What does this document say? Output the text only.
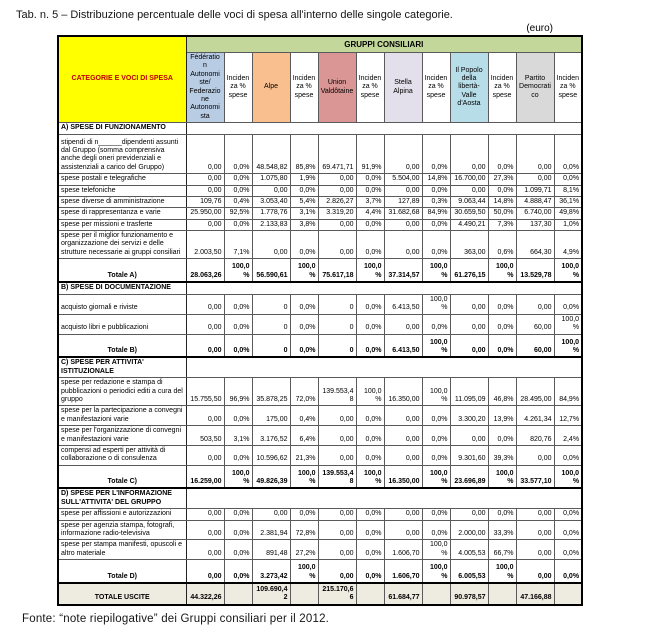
Tab. n. 5 – Distribuzione percentuale delle voci di spesa all'interno delle singole categorie.
(euro)
CATEGORIE E VOCI DI SPESA	GRUPPI CONSILIARI											
	Fédération Autonomiste/ Federazione Autonomista	Incidenza % spese	Alpe	Incidenza % spese	Union Valdôtaine	Incidenza % spese	Stella Alpina	Incidenza % spese	Il Popolo della libertà- Valle d'Aosta	Incidenza % spese	Partito Democratico	Incidenza % spese
A) SPESE DI FUNZIONAMENTO												
stipendi di n______dipendenti assunti dal Gruppo (somma comprensiva anche degli oneri previdenziali e assistenziali a carico del Gruppo)	0,00	0,0%	48.548,82	85,8%	69.471,71	91,9%	0,00	0,0%	0,00	0,0%	0,00	0,0%
spese postali e telegrafiche	0,00	0,0%	1.075,80	1,9%	0,00	0,0%	5.504,00	14,8%	16.700,00	27,3%	0,00	0,0%
spese telefoniche	0,00	0,0%	0,00	0,0%	0,00	0,0%	0,00	0,0%	0,00	0,0%	1.099,71	8,1%
spese diverse di amministrazione	109,76	0,4%	3.053,40	5,4%	2.826,27	3,7%	127,89	0,3%	9.063,44	14,8%	4.888,47	36,1%
spese di rappresentanza e varie	25.950,00	92,5%	1.778,76	3,1%	3.319,20	4,4%	31.682,68	84,9%	30.659,50	50,0%	6.740,00	49,8%
spese per missioni e trasferte	0,00	0,0%	2.133,83	3,8%	0,00	0,0%	0,00	0,0%	4.490,21	7,3%	137,30	1,0%
spese per il miglior funzionamento e organizzazione dei servizi e delle strutture necessarie ai gruppi consiliari	2.003,50	7,1%	0,00	0,0%	0,00	0,0%	0,00	0,0%	363,00	0,6%	664,30	4,9%
Totale A)	28.063,26	100,0%	56.590,61	100,0%	75.617,18	100,0%	37.314,57	100,0%	61.276,15	100,0%	13.529,78	100,0%
B) SPESE DI DOCUMENTAZIONE												
acquisto giornali e riviste	0,00	0,0%	0	0,0%	0	0,0%	6.413,50	100,0%	0,00	0,0%	0,00	0,0%
acquisto libri e pubblicazioni	0,00	0,0%	0	0,0%	0	0,0%	0,00	0,0%	0,00	0,0%	60,00	100,0%
Totale B)	0,00	0,0%	0	0,0%	0	0,0%	6.413,50	100,0%	0,00	0,0%	60,00	100,0%
C) SPESE PER ATTIVITA' ISTITUZIONALE												
spese per redazione e stampa di pubblicazioni o periodici editi a cura del gruppo	15.755,50	96,9%	35.878,25	72,0%	139.553,48	100,0%	16.350,00	100,0%	11.095,09	46,8%	28.495,00	84,9%
spese per la partecipazione a convegni e manifestazioni varie	0,00	0,0%	175,00	0,4%	0,00	0,0%	0,00	0,0%	3.300,20	13,9%	4.261,34	12,7%
spese per l'organizzazione di convegni e manifestazioni varie	503,50	3,1%	3.176,52	6,4%	0,00	0,0%	0,00	0,0%	0,00	0,0%	820,76	2,4%
compensi ad esperti per attività di collaborazione o di consulenza	0,00	0,0%	10.596,62	21,3%	0,00	0,0%	0,00	0,0%	9.301,60	39,3%	0,00	0,0%
Totale C)	16.259,00	100,0%	49.826,39	100,0%	139.553,48	100,0%	16.350,00	100,0%	23.696,89	100,0%	33.577,10	100,0%
D) SPESE PER L'INFORMAZIONE SULL'ATTIVITA' DEL GRUPPO												
spese per affissioni e autorizzazioni	0,00	0,0%	0,00	0,0%	0,00	0,0%	0,00	0,0%	0,00	0,0%	0,00	0,0%
spese per agenzia stampa, fotografi, informazione radio-televisiva	0,00	0,0%	2.381,94	72,8%	0,00	0,0%	0,00	0,0%	2.000,00	33,3%	0,00	0,0%
spese per stampa manifesti, opuscoli e altro materiale	0,00	0,0%	891,48	27,2%	0,00	0,0%	1.606,70	100,0%	4.005,53	66,7%	0,00	0,0%
Totale D)	0,00	0,0%	3.273,42	100,0%	0,00	0,0%	1.606,70	100,0%	6.005,53	100,0%	0,00	0,0%
TOTALE USCITE	44.322,26		109.690,42		215.170,66		61.684,77		90.978,57		47.166,88	
Fonte: “note riepilogative” dei Gruppi consiliari per il 2012.
